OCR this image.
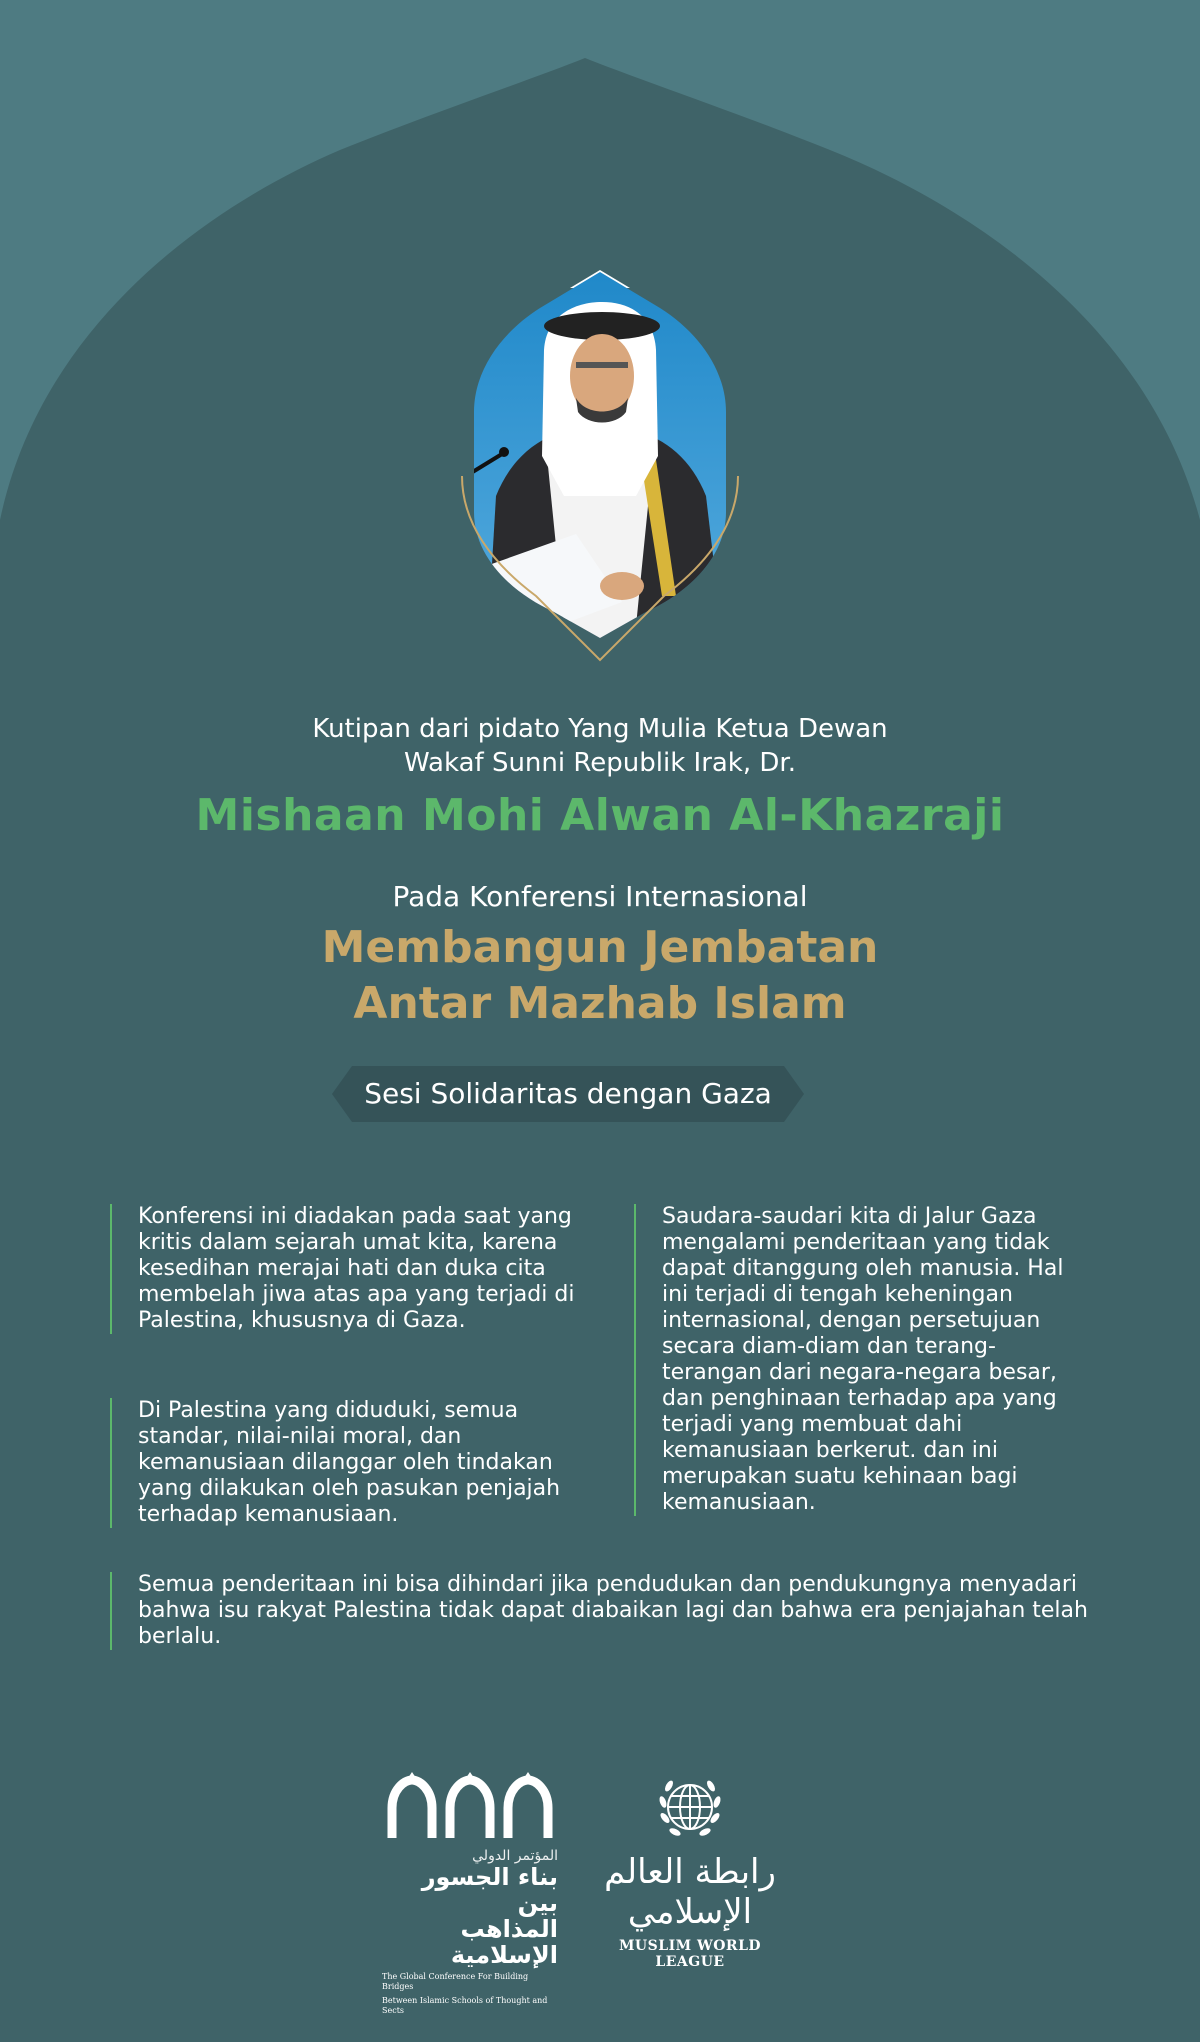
Kutipan dari pidato Yang Mulia Ketua Dewan
Wakaf Sunni Republik Irak, Dr.
Mishaan Mohi Alwan Al-Khazraji
Pada Konferensi Internasional
Membangun Jembatan
Antar Mazhab Islam
Sesi Solidaritas dengan Gaza
Konferensi ini diadakan pada saat yang kritis dalam sejarah umat kita, karena kesedihan merajai hati dan duka cita membelah jiwa atas apa yang terjadi di Palestina, khususnya di Gaza.
Di Palestina yang diduduki, semua standar, nilai-nilai moral, dan kemanusiaan dilanggar oleh tindakan yang dilakukan oleh pasukan penjajah terhadap kemanusiaan.
Saudara-saudari kita di Jalur Gaza mengalami penderitaan yang tidak dapat ditanggung oleh manusia. Hal ini terjadi di tengah keheningan internasional, dengan persetujuan secara diam-diam dan terang-terangan dari negara-negara besar, dan penghinaan terhadap apa yang terjadi yang membuat dahi kemanusiaan berkerut. dan ini merupakan suatu kehinaan bagi kemanusiaan.
Semua penderitaan ini bisa dihindari jika pendudukan dan pendukungnya menyadari bahwa isu rakyat Palestina tidak dapat diabaikan lagi dan bahwa era penjajahan telah berlalu.
المؤتمر الدولي
بناء الجسور بين
المذاهب الإسلامية
The Global Conference For Building Bridges
Between Islamic Schools of Thought and Sects
رابطة العالم الإسلامي
MUSLIM WORLD LEAGUE
